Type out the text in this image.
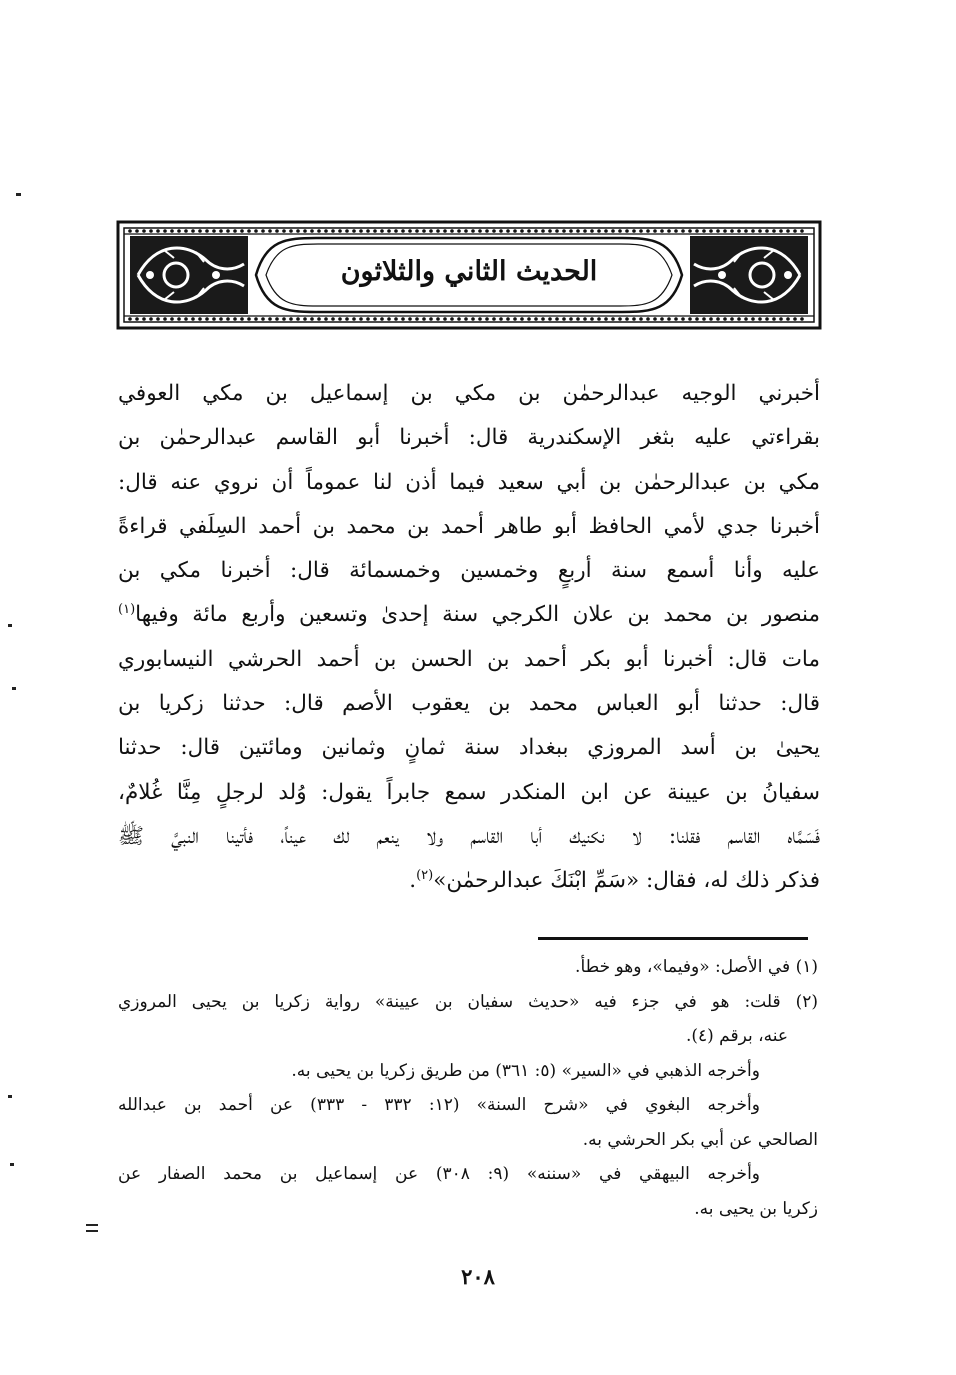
الحديث الثاني والثلاثون
أخبرني الوجيه عبدالرحمٰن بن مكي بن إسماعيل بن مكي العوفي
بقراءتي عليه بثغر الإسكندرية قال: أخبرنا أبو القاسم عبدالرحمٰن بن
مكي بن عبدالرحمٰن بن أبي سعيد فيما أذن لنا عموماً أن نروي عنه قال:
أخبرنا جدي لأمي الحافظ أبو طاهر أحمد بن محمد بن أحمد السِلَفي قراءةً
عليه وأنا أسمع سنة أربعٍ وخمسين وخمسمائة قال: أخبرنا مكي بن
منصور بن محمد بن علان الكرجي سنة إحدىٰ وتسعين وأربع مائة وفيها$^{(١)}$
مات قال: أخبرنا أبو بكر أحمد بن الحسن بن أحمد الحرشي النيسابوري
قال: حدثنا أبو العباس محمد بن يعقوب الأصم قال: حدثنا زكريا بن
يحيىٰ بن أسد المروزي ببغداد سنة ثمانٍ وثمانين ومائتين قال: حدثنا
سفيانُ بن عيينة عن ابن المنكدر سمع جابراً يقول: وُلد لرجلٍ مِنَّا غُلامٌ،
فَسَمَّاه القاسم فقلنا: لا نكنيك أبا القاسم ولا ينعم لك عيناً، فأتينا النبيَّ ﷺ
فذكر ذلك له، فقال: «سَمِّ ابْنَكَ عبدالرحمٰن»$^{(٢)}$.
(١) في الأصل: «وفيما»، وهو خطأ.
(٢) قلت: هو في جزء فيه «حديث سفيان بن عيينة» رواية زكريا بن يحيى المروزي
عنه، برقم (٤).
وأخرجه الذهبي في «السير» (٥: ٣٦١) من طريق زكريا بن يحيى به.
وأخرجه البغوي في «شرح السنة» (١٢: ٣٣٢ - ٣٣٣) عن أحمد بن عبدالله
الصالحي عن أبي بكر الحرشي به.
وأخرجه البيهقي في «سننه» (٩: ٣٠٨) عن إسماعيل بن محمد الصفار عن
زكريا بن يحيى به.
٢٠٨
